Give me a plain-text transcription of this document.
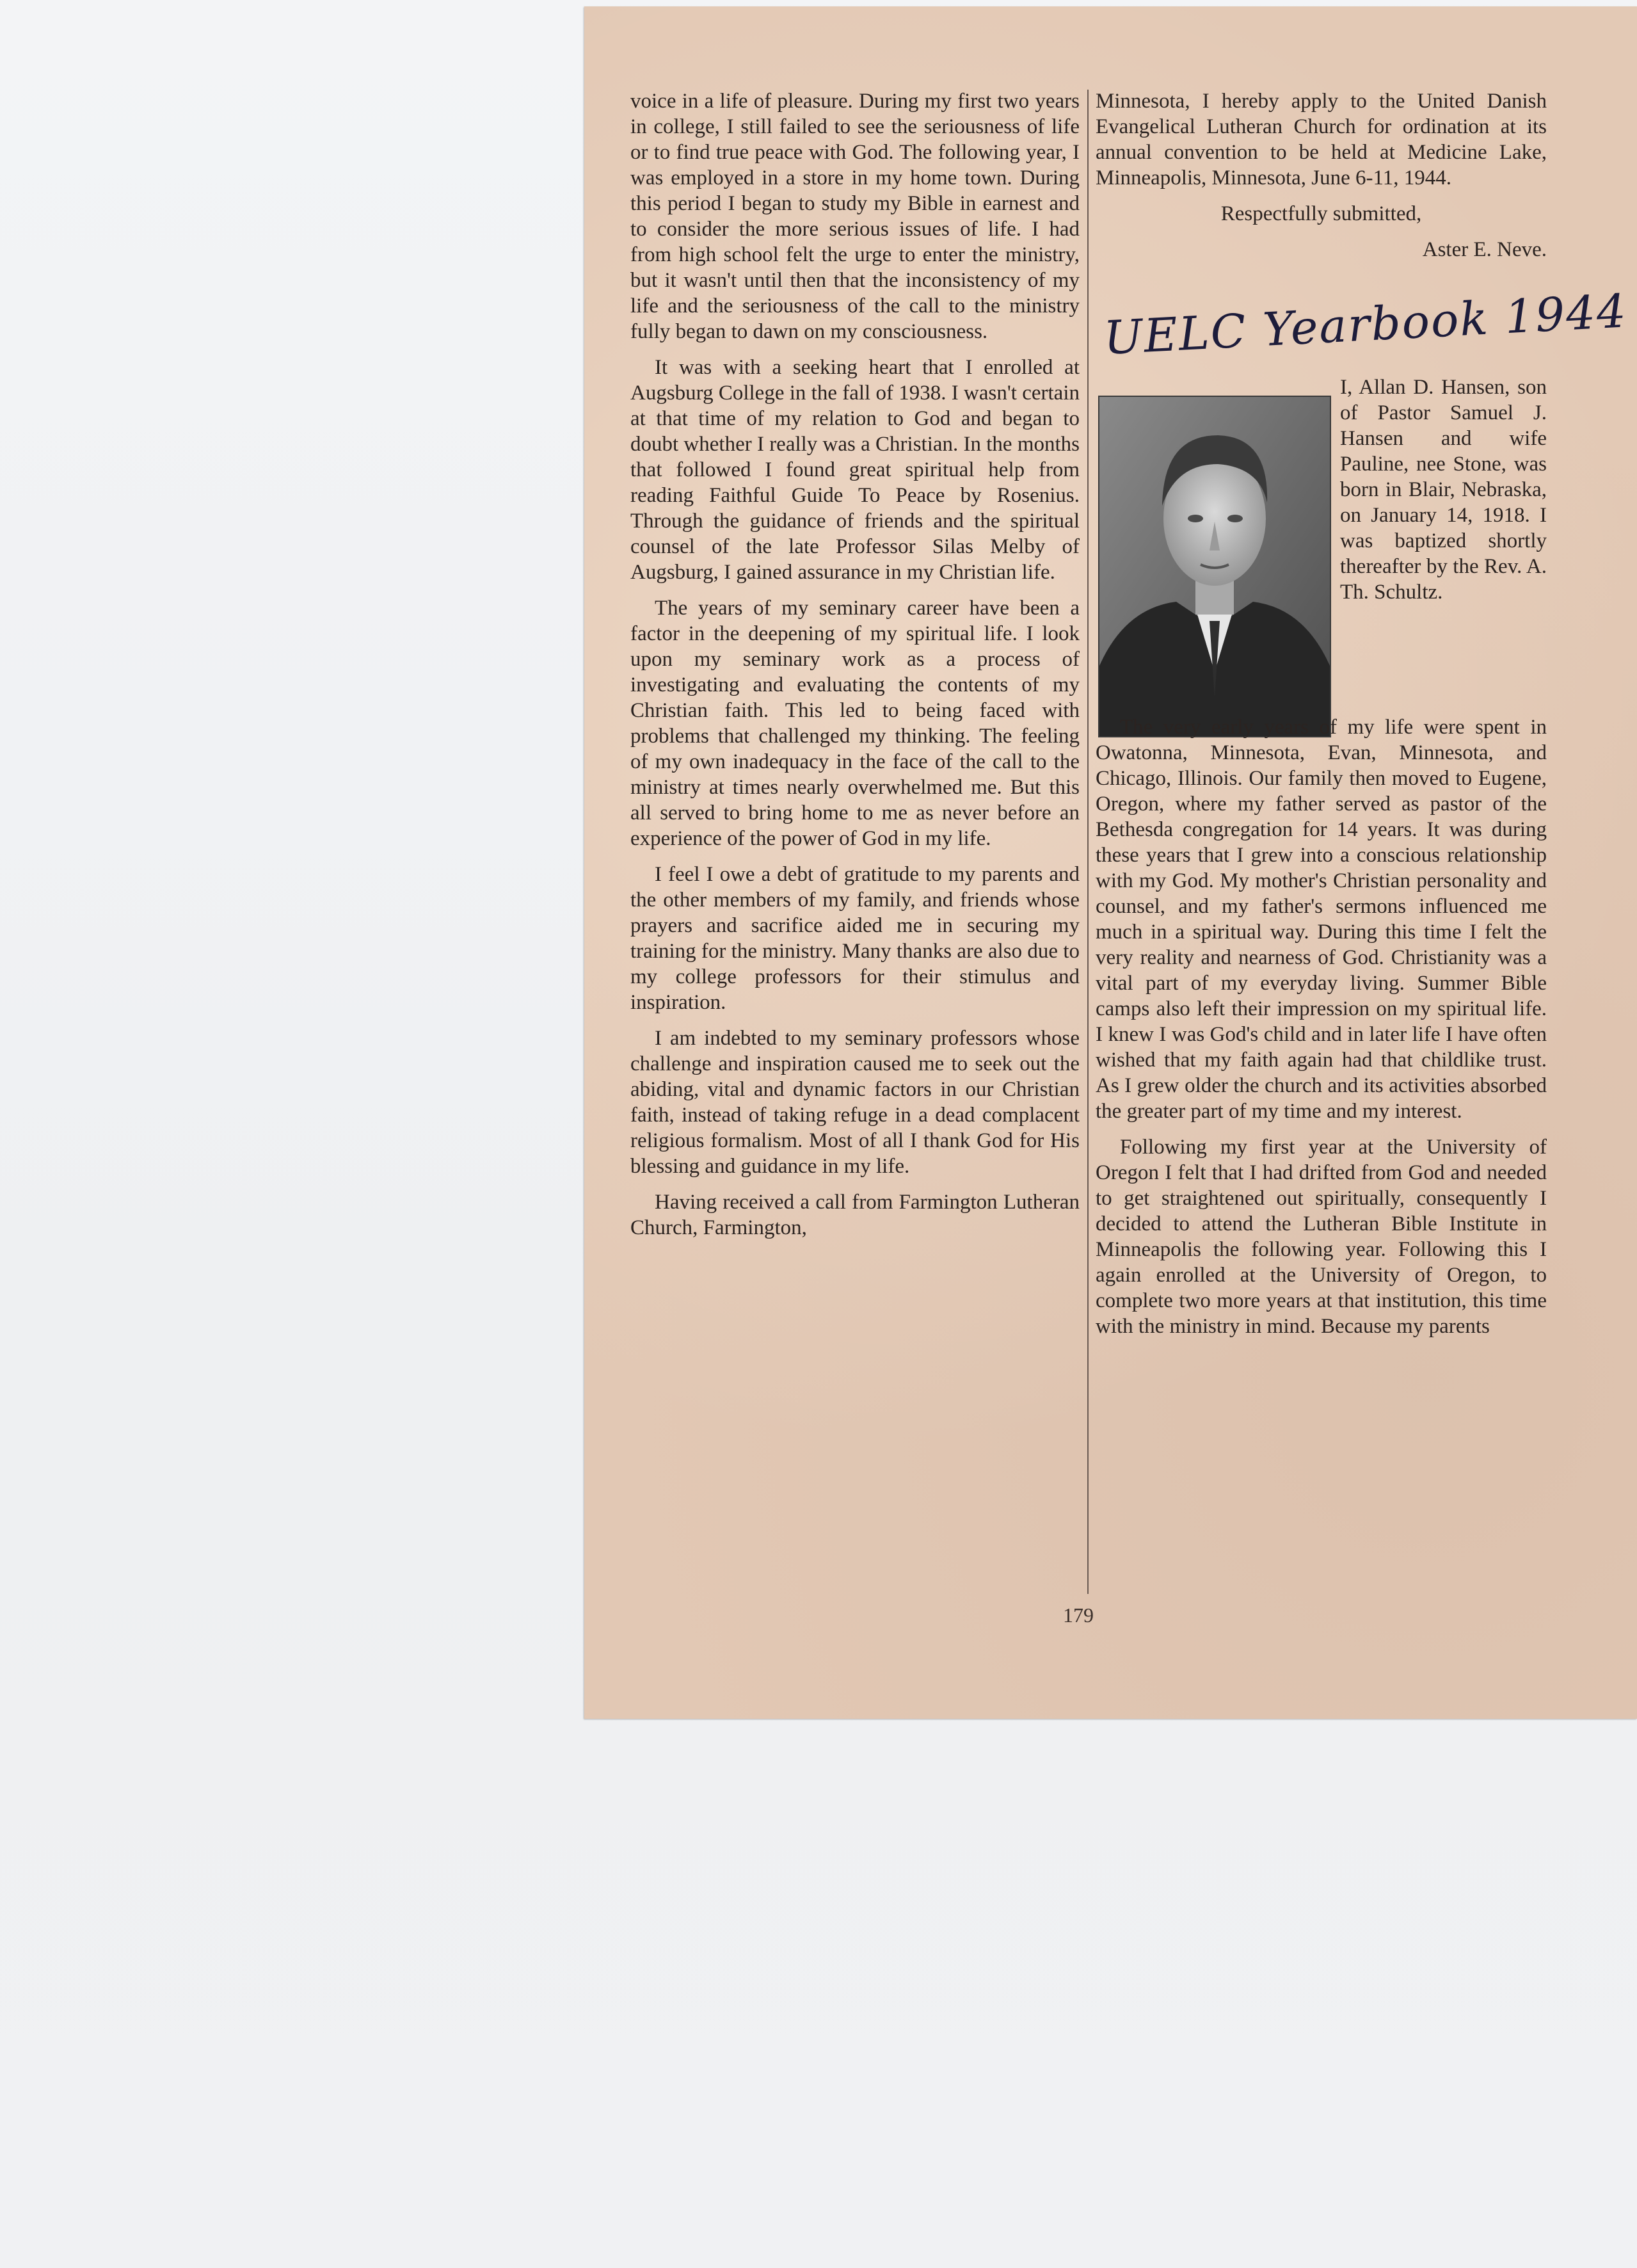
voice in a life of pleasure. During my first two years in college, I still failed to see the seriousness of life or to find true peace with God. The following year, I was employed in a store in my home town. During this period I began to study my Bible in earnest and to consider the more serious issues of life. I had from high school felt the urge to enter the ministry, but it wasn't until then that the inconsistency of my life and the seriousness of the call to the ministry fully began to dawn on my consciousness.

It was with a seeking heart that I enrolled at Augsburg College in the fall of 1938. I wasn't certain at that time of my relation to God and began to doubt whether I really was a Christian. In the months that followed I found great spiritual help from reading Faithful Guide To Peace by Rosenius. Through the guidance of friends and the spiritual counsel of the late Professor Silas Melby of Augsburg, I gained assurance in my Christian life.

The years of my seminary career have been a factor in the deepening of my spiritual life. I look upon my seminary work as a process of investigating and evaluating the contents of my Christian faith. This led to being faced with problems that challenged my thinking. The feeling of my own inadequacy in the face of the call to the ministry at times nearly overwhelmed me. But this all served to bring home to me as never before an experience of the power of God in my life.

I feel I owe a debt of gratitude to my parents and the other members of my family, and friends whose prayers and sacrifice aided me in securing my training for the ministry. Many thanks are also due to my college professors for their stimulus and inspiration.

I am indebted to my seminary professors whose challenge and inspiration caused me to seek out the abiding, vital and dynamic factors in our Christian faith, instead of taking refuge in a dead complacent religious formalism. Most of all I thank God for His blessing and guidance in my life.

Having received a call from Farmington Lutheran Church, Farmington,

Minnesota, I hereby apply to the United Danish Evangelical Lutheran Church for ordination at its annual convention to be held at Medicine Lake, Minneapolis, Minnesota, June 6-11, 1944.

Respectfully submitted,

Aster E. Neve.

UELC Yearbook 1944
I, Allan D. Hansen, son of Pastor Samuel J. Hansen and wife Pauline, nee Stone, was born in Blair, Nebraska, on January 14, 1918. I was baptized shortly thereafter by the Rev. A. Th. Schultz.

The very early years of my life were spent in Owatonna, Minnesota, Evan, Minnesota, and Chicago, Illinois. Our family then moved to Eugene, Oregon, where my father served as pastor of the Bethesda congregation for 14 years. It was during these years that I grew into a conscious relationship with my God. My mother's Christian personality and counsel, and my father's sermons influenced me much in a spiritual way. During this time I felt the very reality and nearness of God. Christianity was a vital part of my everyday living. Summer Bible camps also left their impression on my spiritual life. I knew I was God's child and in later life I have often wished that my faith again had that childlike trust. As I grew older the church and its activities absorbed the greater part of my time and my interest.

Following my first year at the University of Oregon I felt that I had drifted from God and needed to get straightened out spiritually, consequently I decided to attend the Lutheran Bible Institute in Minneapolis the following year. Following this I again enrolled at the University of Oregon, to complete two more years at that institution, this time with the ministry in mind. Because my parents

179
